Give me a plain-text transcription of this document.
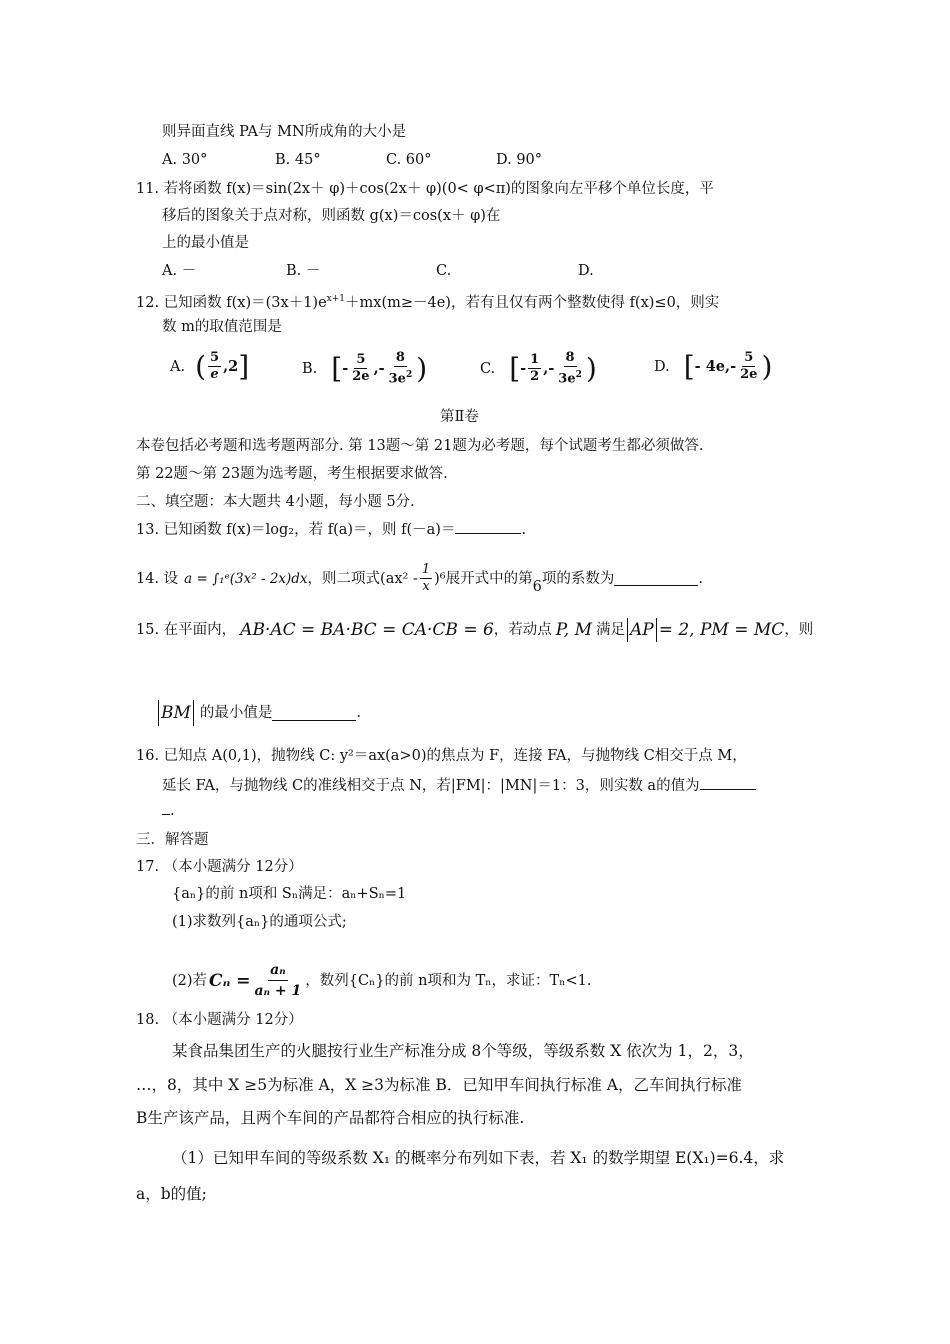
则异面直线 PA与 MN所成角的大小是
A. 30°	B. 45°	C. 60°	D. 90°
11. 若将函数 f(x)＝sin(2x＋ φ)＋cos(2x＋ φ)(0< φ<π)的图象向左平移个单位长度，平
移后的图象关于点对称，则函数 g(x)＝cos(x＋ φ)在
上的最小值是
A. －	B. －	C.	D.
12. 已知函数 $f(x)=(3x+1)e^{x+1}+mx(m\ge-4e)$，若有且仅有两个整数使得 f(x)≤0，则实
数 m的取值范围是
A. ( $\frac{5}{e} ,2$ ]	B. [ - $\frac{5}{2e}$ ,- $\frac{8}{3e^2}$ )	C. [ - $\frac{1}{2}$ ,- $\frac{8}{3e^2}$ )	D. [ - $4e,- \frac{5}{2e}$ )
第Ⅱ卷
本卷包括必考题和选考题两部分. 第 13题～第 21题为必考题，每个试题考生都必须做答.
第 22题～第 23题为选考题，考生根据要求做答.
二、填空题：本大题共 4小题，每小题 5分.
13. 已知函数 f(x)＝log₂，若 f(a)＝，则 f(－a)＝	.
14. 设 a = ∫₁ᵉ(3x² - 2x)dx ，则二项式$(ax^2 - \frac{1}{x} )^6$ 展开式中的第 6 项的系数为	.
15. 在平面内， AB·AC = BA·BC = CA·CB = 6 ，若动点 P, M 满足 AP = 2, PM = MC ，则
BM 的最小值是	.
16. 已知点 A(0,1)，抛物线 C: y²＝ax(a>0)的焦点为 F，连接 FA，与抛物线 C相交于点 M，
延长 FA，与抛物线 C的准线相交于点 N，若|FM|：|MN|＝1：3，则实数 a的值为
.
三．解答题
17. （本小题满分 12分）
{aₙ}的前 n项和 Sₙ满足：aₙ+Sₙ=1
(1)求数列{aₙ}的通项公式;
(2)若 $C_n = \frac{\text{aₙ}}{\text{aₙ + 1}}$ ，数列{Cₙ}的前 n项和为 Tₙ，求证：Tₙ<1.
18. （本小题满分 12分）
某食品集团生产的火腿按行业生产标准分成 8个等级，等级系数 X 依次为 1，2，3，
…，8，其中 X ≥5为标准 A，X ≥3为标准 B．已知甲车间执行标准 A，乙车间执行标准
B生产该产品，且两个车间的产品都符合相应的执行标准.
（1）已知甲车间的等级系数 X₁ 的概率分布列如下表，若 X₁ 的数学期望 E(X₁)=6.4，求
a，b的值;
